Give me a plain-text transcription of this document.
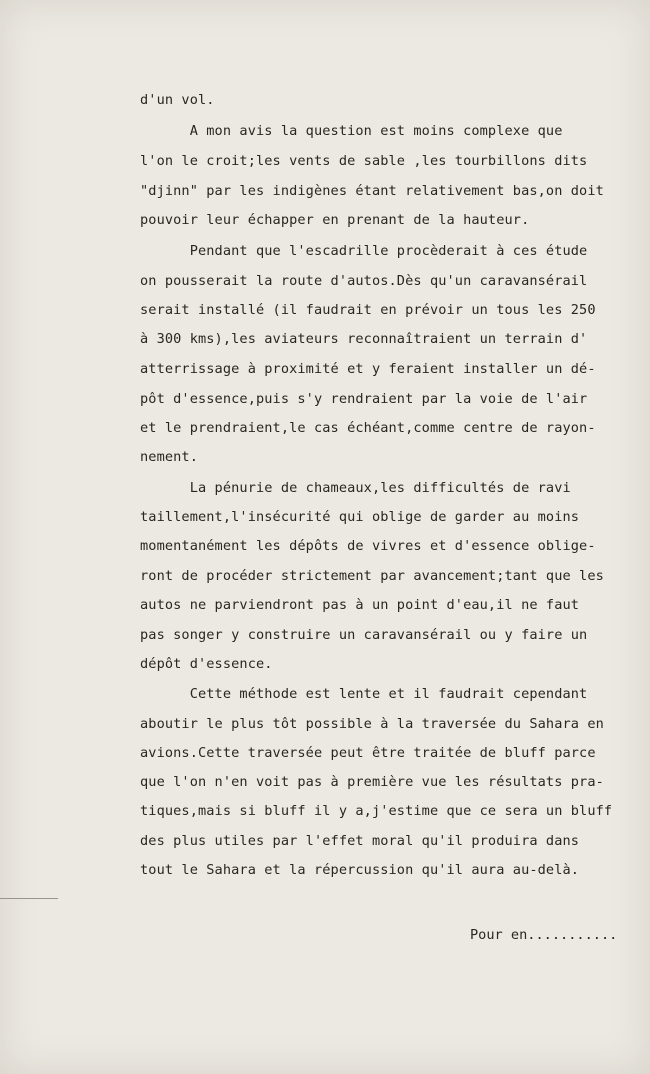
d'un vol.
A mon avis la question est moins complexe que
l'on le croit;les vents de sable ,les tourbillons dits
"djinn" par les indigènes étant relativement bas,on doit
pouvoir leur échapper en prenant de la hauteur.
Pendant que l'escadrille procèderait à ces étude
on pousserait la route d'autos.Dès qu'un caravansérail
serait installé (il faudrait en prévoir un tous les 250
à 300 kms),les aviateurs reconnaîtraient un terrain d'
atterrissage à proximité et y feraient installer un dé-
pôt d'essence,puis s'y rendraient par la voie de l'air
et le prendraient,le cas échéant,comme centre de rayon-
nement.
La pénurie de chameaux,les difficultés de ravi
taillement,l'insécurité qui oblige de garder au moins
momentanément les dépôts de vivres et d'essence oblige-
ront de procéder strictement par avancement;tant que les
autos ne parviendront pas à un point d'eau,il ne faut
pas songer y construire un caravansérail ou y faire un
dépôt d'essence.
Cette méthode est lente et il faudrait cependant
aboutir le plus tôt possible à la traversée du Sahara en
avions.Cette traversée peut être traitée de bluff parce
que l'on n'en voit pas à première vue les résultats pra-
tiques,mais si bluff il y a,j'estime que ce sera un bluff
des plus utiles par l'effet moral qu'il produira dans
tout le Sahara et la répercussion qu'il aura au-delà.
Pour en...........
